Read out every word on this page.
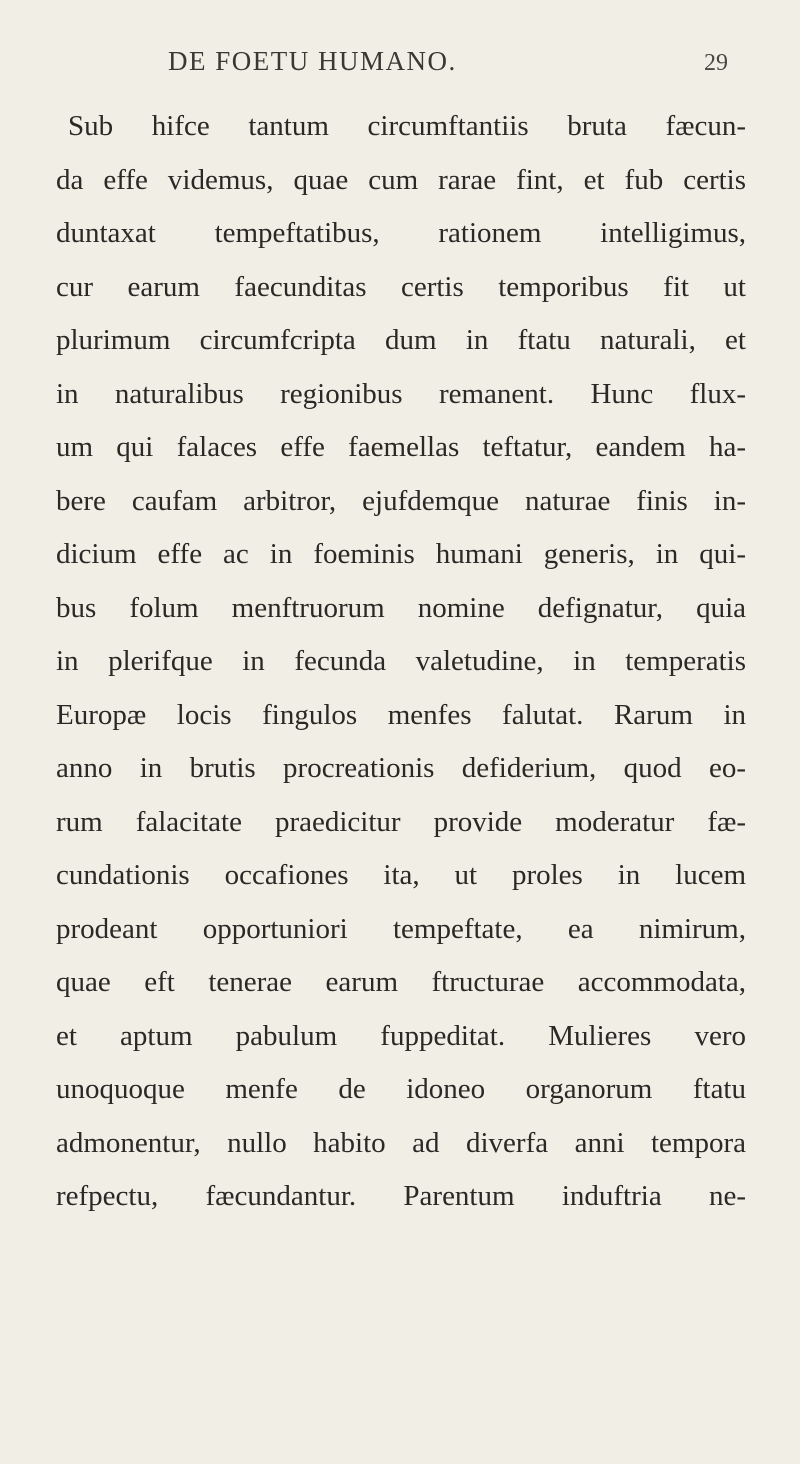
DE FOETU HUMANO.	29
Sub hifce tantum circumftantiis bruta fæcun-
da effe videmus, quae cum rarae fint, et fub certis
duntaxat tempeftatibus, rationem intelligimus,
cur earum faecunditas certis temporibus fit ut
plurimum circumfcripta dum in ftatu naturali, et
in naturalibus regionibus remanent. Hunc flux-
um qui falaces effe faemellas teftatur, eandem ha-
bere caufam arbitror, ejufdemque naturae finis in-
dicium effe ac in foeminis humani generis, in qui-
bus folum menftruorum nomine defignatur, quia
in plerifque in fecunda valetudine, in temperatis
Europæ locis fingulos menfes falutat. Rarum in
anno in brutis procreationis defiderium, quod eo-
rum falacitate praedicitur provide moderatur fæ-
cundationis occafiones ita, ut proles in lucem
prodeant opportuniori tempeftate, ea nimirum,
quae eft tenerae earum ftructurae accommodata,
et aptum pabulum fuppeditat. Mulieres vero
unoquoque menfe de idoneo organorum ftatu
admonentur, nullo habito ad diverfa anni tempora
refpectu, fæcundantur. Parentum induftria ne-
